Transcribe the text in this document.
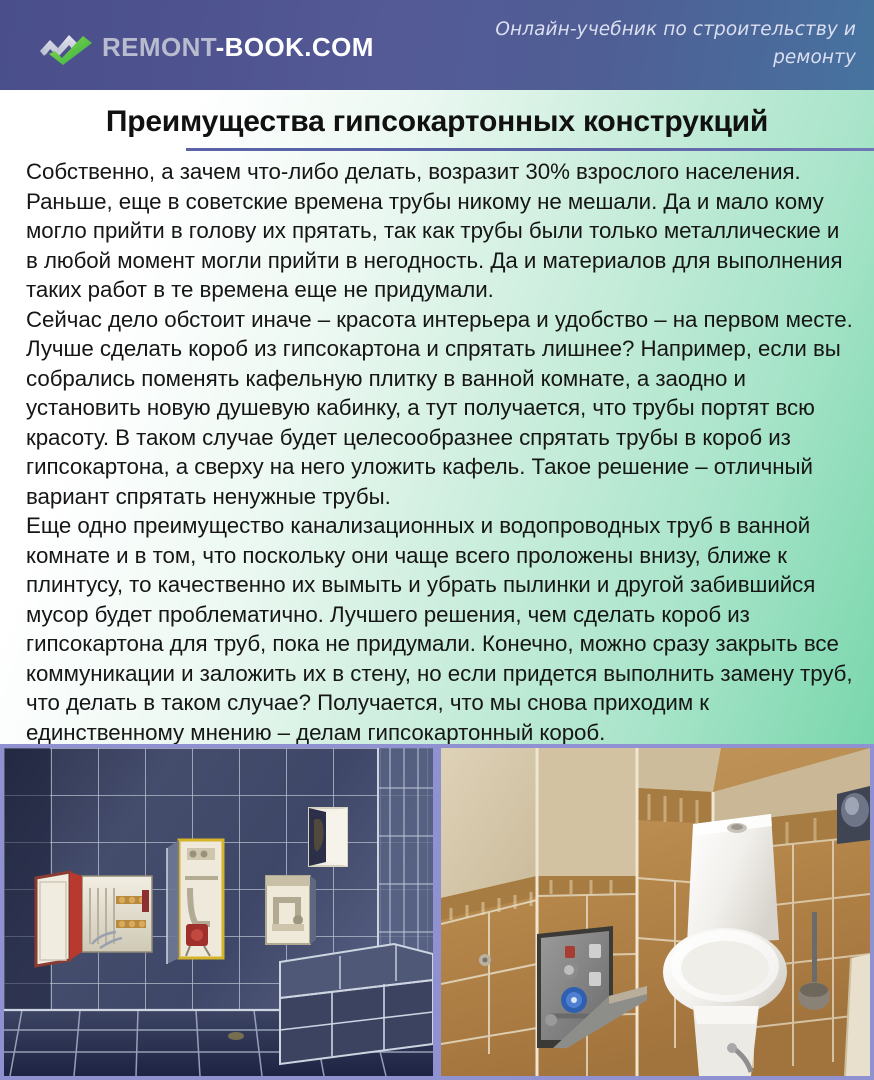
REMONT-BOOK.COM
Онлайн-учебник по строительству и ремонту
Преимущества гипсокартонных конструкций

Собственно, а зачем что-либо делать, возразит 30% взрослого населения. Раньше, еще в советские времена трубы никому не мешали. Да и мало кому могло прийти в голову их прятать, так как трубы были только металлические и в любой момент могли прийти в негодность. Да и материалов для выполнения таких работ в те времена еще не придумали.

Сейчас дело обстоит иначе – красота интерьера и удобство – на первом месте. Лучше сделать короб из гипсокартона и спрятать лишнее? Например, если вы собрались поменять кафельную плитку в ванной комнате, а заодно и установить новую душевую кабинку, а тут получается, что трубы портят всю красоту. В таком случае будет целесообразнее спрятать трубы в короб из гипсокартона, а сверху на него уложить кафель. Такое решение – отличный вариант спрятать ненужные трубы.

Еще одно преимущество канализационных и водопроводных труб в ванной комнате и в том, что поскольку они чаще всего проложены внизу, ближе к плинтусу, то качественно их вымыть и убрать пылинки и другой забившийся мусор будет проблематично. Лучшего решения, чем сделать короб из гипсокартона для труб, пока не придумали. Конечно, можно сразу закрыть все коммуникации и заложить их в стену, но если придется выполнить замену труб, что делать в таком случае? Получается, что мы снова приходим к единственному мнению – делам гипсокартонный короб.
